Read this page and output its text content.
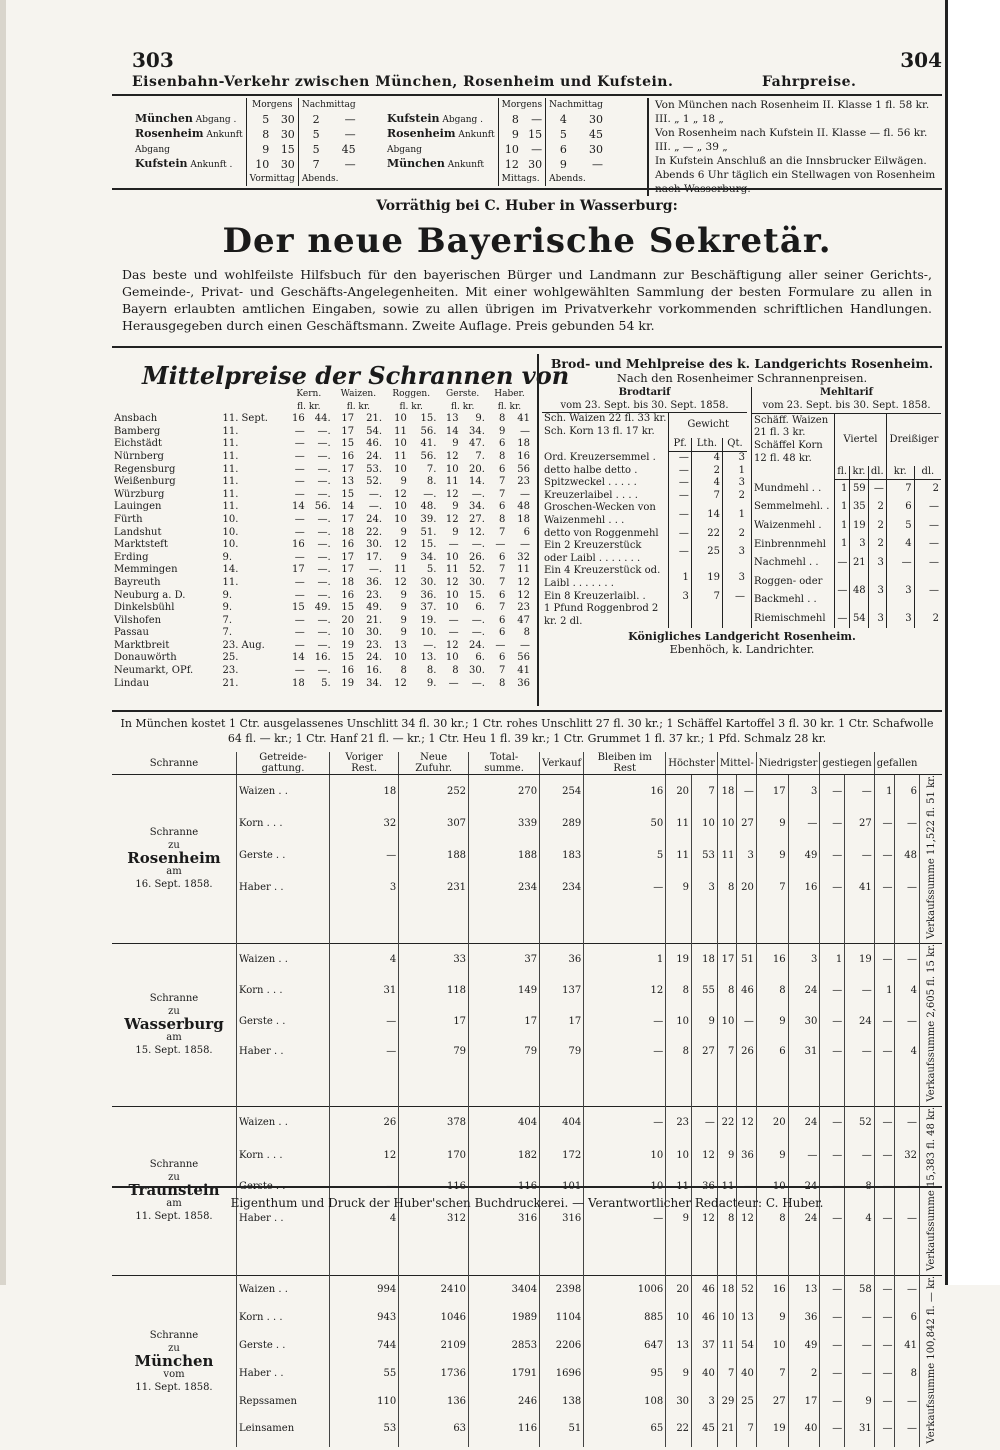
303	304
Eisenbahn-Verkehr zwischen München, Rosenheim und Kufstein.	Fahrpreise.
	Morgens		Nachmittag	
München Abgang .	5	30	2	—
Rosenheim Ankunft	8	30	5	—
Abgang	9	15	5	45
Kufstein Ankunft .	10	30	7	—
	Vormittag		Abends.	
	Morgens		Nachmittag	
Kufstein Abgang .	8	—	4	30
Rosenheim Ankunft	9	15	5	45
Abgang	10	—	6	30
München Ankunft	12	30	9	—
	Mittags.		Abends.	
Von München nach Rosenheim II. Klasse 1 fl. 58 kr.
III. „ 1 „ 18 „
Von Rosenheim nach Kufstein II. Klasse — fl. 56 kr.
III. „ — „ 39 „
In Kufstein Anschluß an die Innsbrucker Eilwägen.
Abends 6 Uhr täglich ein Stellwagen von Rosenheim
nach Wasserburg.
Vorräthig bei C. Huber in Wasserburg:
Der neue Bayerische Sekretär.
Das beste und wohlfeilste Hilfsbuch für den bayerischen Bürger und Landmann zur Beschäftigung aller seiner Gerichts-, Gemeinde-, Privat- und Geschäfts-Angelegenheiten. Mit einer wohlgewählten Sammlung der besten Formulare zu allen in Bayern erlaubten amtlichen Eingaben, sowie zu allen übrigen im Privatverkehr vorkommenden schriftlichen Handlungen. Herausgegeben durch einen Geschäftsmann. Zweite Auflage. Preis gebunden 54 kr.
Mittelpreise der Schrannen von
		Kern.		Waizen.		Roggen.		Gerste.		Haber.	
		fl. kr.		fl. kr.		fl. kr.		fl. kr.		fl. kr.	
Ansbach	11. Sept.	16	44.	17	21.	10	15.	13	9.	8	41
Bamberg	11.	—	—.	17	54.	11	56.	14	34.	9	—
Eichstädt	11.	—	—.	15	46.	10	41.	9	47.	6	18
Nürnberg	11.	—	—.	16	24.	11	56.	12	7.	8	16
Regensburg	11.	—	—.	17	53.	10	7.	10	20.	6	56
Weißenburg	11.	—	—.	13	52.	9	8.	11	14.	7	23
Würzburg	11.	—	—.	15	—.	12	—.	12	—.	7	—
Lauingen	11.	14	56.	14	—.	10	48.	9	34.	6	48
Fürth	10.	—	—.	17	24.	10	39.	12	27.	8	18
Landshut	10.	—	—.	18	22.	9	51.	9	12.	7	6
Marktsteft	10.	16	—.	16	30.	12	15.	—	—.	—	—
Erding	9.	—	—.	17	17.	9	34.	10	26.	6	32
Memmingen	14.	17	—.	17	—.	11	5.	11	52.	7	11
Bayreuth	11.	—	—.	18	36.	12	30.	12	30.	7	12
Neuburg a. D.	9.	—	—.	16	23.	9	36.	10	15.	6	12
Dinkelsbühl	9.	15	49.	15	49.	9	37.	10	6.	7	23
Vilshofen	7.	—	—.	20	21.	9	19.	—	—.	6	47
Passau	7.	—	—.	10	30.	9	10.	—	—.	6	8
Marktbreit	23. Aug.	—	—.	19	23.	13	—.	12	24.	—	—
Donauwörth	25.	14	16.	15	24.	10	13.	10	6.	6	56
Neumarkt, OPf.	23.	—	—.	16	16.	8	8.	8	30.	7	41
Lindau	21.	18	5.	19	34.	12	9.	—	—.	8	36
Brod- und Mehlpreise des k. Landgerichts Rosenheim.
Nach den Rosenheimer Schrannenpreisen.
Brodtarif			
vom 23. Sept. bis 30. Sept. 1858.			

Sch. Waizen 22 fl. 33 kr.
Sch. Korn 13 fl. 17 kr.	Gewicht		
	Pf.	Lth.	Qt.
Ord. Kreuzersemmel .	—	4	3
detto halbe detto .	—	2	1
Spitzweckel . . . . .	—	4	3
Kreuzerlaibel . . . .	—	7	2
Groschen-Wecken von Waizenmehl . . .	—	14	1
detto von Roggenmehl	—	22	2
Ein 2 Kreuzerstück oder Laibl . . . . . . .	—	25	3
Ein 4 Kreuzerstück od. Laibl . . . . . . .	1	19	3
Ein 8 Kreuzerlaibl. .	3	7	—
1 Pfund Roggenbrod 2 kr. 2 dl.			
Mehltarif					
vom 23. Sept. bis 30. Sept. 1858.					

Schäff. Waizen 21 fl. 3 kr.
Schäffel Korn 12 fl. 48 kr.	Viertel			Dreißiger	
	fl.	kr.	dl.	kr.	dl.
Mundmehl . .	1	59	—	7	2
Semmelmehl. .	1	35	2	6	—
Waizenmehl .	1	19	2	5	—
Einbrennmehl	1	3	2	4	—
Nachmehl . .	—	21	3	—	—
Roggen- oder Backmehl . .	—	48	3	3	—
Riemischmehl	—	54	3	3	2
Königliches Landgericht Rosenheim.
Ebenhöch, k. Landrichter.
In München kostet 1 Ctr. ausgelassenes Unschlitt 34 fl. 30 kr.; 1 Ctr. rohes Unschlitt 27 fl. 30 kr.; 1 Schäffel Kartoffel 3 fl. 30 kr. 1 Ctr. Schafwolle 64 fl. — kr.; 1 Ctr. Hanf 21 fl. — kr.; 1 Ctr. Heu 1 fl. 39 kr.; 1 Ctr. Grummet 1 fl. 37 kr.; 1 Pfd. Schmalz 28 kr.
Schranne	Getreide-gattung.	Voriger Rest.	Neue Zufuhr.	Total-summe.	Verkauf	Bleiben im Rest	Höchster		Mittel-		Niedrigster		gestiegen		gefallen		

Schranne
zu
Rosenheim
am
16. Sept. 1858.	Waizen . .	18	252	270	254	16	20	7	18	—	17	3	—	—	1	6	Verkaufssumme 11,522 fl. 51 kr.
	Korn . . .	32	307	339	289	50	11	10	10	27	9	—	—	27	—	—	
	Gerste . .	—	188	188	183	5	11	53	11	3	9	49	—	—	—	48	
	Haber . .	3	231	234	234	—	9	3	8	20	7	16	—	41	—	—	

Schranne
zu
Wasserburg
am
15. Sept. 1858.	Waizen . .	4	33	37	36	1	19	18	17	51	16	3	1	19	—	—	Verkaufssumme 2,605 fl. 15 kr.
	Korn . . .	31	118	149	137	12	8	55	8	46	8	24	—	—	1	4	
	Gerste . .	—	17	17	17	—	10	9	10	—	9	30	—	24	—	—	
	Haber . .	—	79	79	79	—	8	27	7	26	6	31	—	—	—	4	

Schranne
zu
Traunstein
am
11. Sept. 1858.	Waizen . .	26	378	404	404	—	23	—	22	12	20	24	—	52	—	—	Verkaufssumme 15,383 fl. 48 kr.
	Korn . . .	12	170	182	172	10	10	12	9	36	9	—	—	—	—	32	
	Gerste . .	—	116	116	101	10	11	36	11	—	10	24	—	8	—	—	
	Haber . .	4	312	316	316	—	9	12	8	12	8	24	—	4	—	—	

Schranne
zu
München
vom
11. Sept. 1858.	Waizen . .	994	2410	3404	2398	1006	20	46	18	52	16	13	—	58	—	—	Verkaufssumme 100,842 fl. — kr.
	Korn . . .	943	1046	1989	1104	885	10	46	10	13	9	36	—	—	—	6	
	Gerste . .	744	2109	2853	2206	647	13	37	11	54	10	49	—	—	—	41	
	Haber . .	55	1736	1791	1696	95	9	40	7	40	7	2	—	—	—	8	
	Repssamen	110	136	246	138	108	30	3	29	25	27	17	—	9	—	—	
	Leinsamen	53	63	116	51	65	22	45	21	7	19	40	—	31	—	—	

Eigenthum und Druck der Huber'schen Buchdruckerei. — Verantwortlicher Redacteur: C. Huber.
